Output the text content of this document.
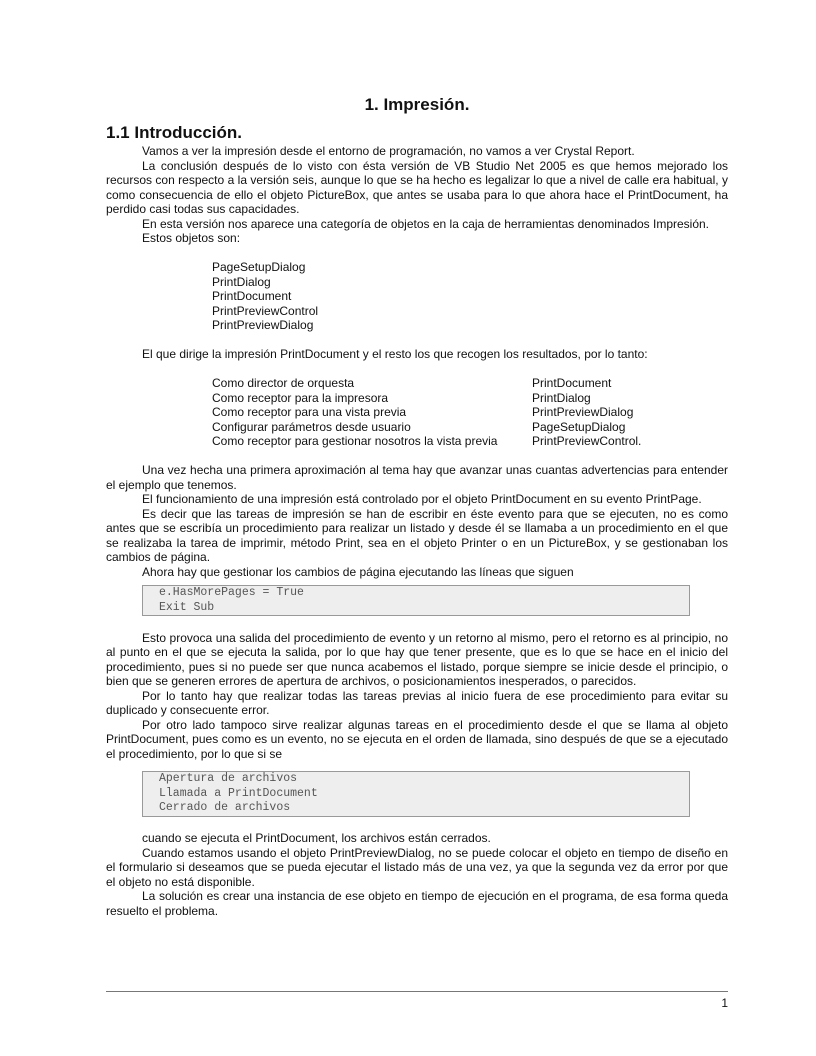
1. Impresión.
1.1 Introducción.

Vamos a ver la impresión desde el entorno de programación, no vamos a ver Crystal Report.

La conclusión después de lo visto con ésta versión de VB Studio Net 2005 es que hemos mejorado los recursos con respecto a la versión seis, aunque lo que se ha hecho es legalizar lo que a nivel de calle era habitual, y como consecuencia de ello el objeto PictureBox, que antes se usaba para lo que ahora hace el PrintDocument, ha perdido casi todas sus capacidades.

En esta versión nos aparece una categoría de objetos en la caja de herramientas denominados Impresión.

Estos objetos son:

PageSetupDialog
PrintDialog
PrintDocument
PrintPreviewControl
PrintPreviewDialog

El que dirige la impresión PrintDocument y el resto los que recogen los resultados, por lo tanto:

Como director de orquesta	PrintDocument
Como receptor para la impresora	PrintDialog
Como receptor para una vista previa	PrintPreviewDialog
Configurar parámetros desde usuario	PageSetupDialog
Como receptor para gestionar nosotros la vista previa	PrintPreviewControl.

Una vez hecha una primera aproximación al tema hay que avanzar unas cuantas advertencias para entender el ejemplo que tenemos.

El funcionamiento de una impresión está controlado por el objeto PrintDocument en su evento PrintPage.

Es decir que las tareas de impresión se han de escribir en éste evento para que se ejecuten, no es como antes que se escribía un procedimiento para realizar un listado y desde él se llamaba a un procedimiento en el que se realizaba la tarea de imprimir, método Print, sea en el objeto Printer o en un PictureBox, y se gestionaban los cambios de página.

Ahora hay que gestionar los cambios de página ejecutando las líneas que siguen

e.HasMorePages = True
Exit Sub

Esto provoca una salida del procedimiento de evento y un retorno al mismo, pero el retorno es al principio, no al punto en el que se ejecuta la salida, por lo que hay que tener presente, que es lo que se hace en el inicio del procedimiento, pues si no puede ser que nunca acabemos el listado, porque siempre se inicie desde el principio, o bien que se generen errores de apertura de archivos, o posicionamientos inesperados, o parecidos.

Por lo tanto hay que realizar todas las tareas previas al inicio fuera de ese procedimiento para evitar su duplicado y consecuente error.

Por otro lado tampoco sirve realizar algunas tareas en el procedimiento desde el que se llama al objeto PrintDocument, pues como es un evento, no se ejecuta en el orden de llamada, sino después de que se a ejecutado el procedimiento, por lo que si se

Apertura de archivos
Llamada a PrintDocument
Cerrado de archivos

cuando se ejecuta el PrintDocument, los archivos están cerrados.

Cuando estamos usando el objeto PrintPreviewDialog, no se puede colocar el objeto en tiempo de diseño en el formulario si deseamos que se pueda ejecutar el listado más de una vez, ya que la segunda vez da error por que el objeto no está disponible.

La solución es crear una instancia de ese objeto en tiempo de ejecución en el programa, de esa forma queda resuelto el problema.

1
